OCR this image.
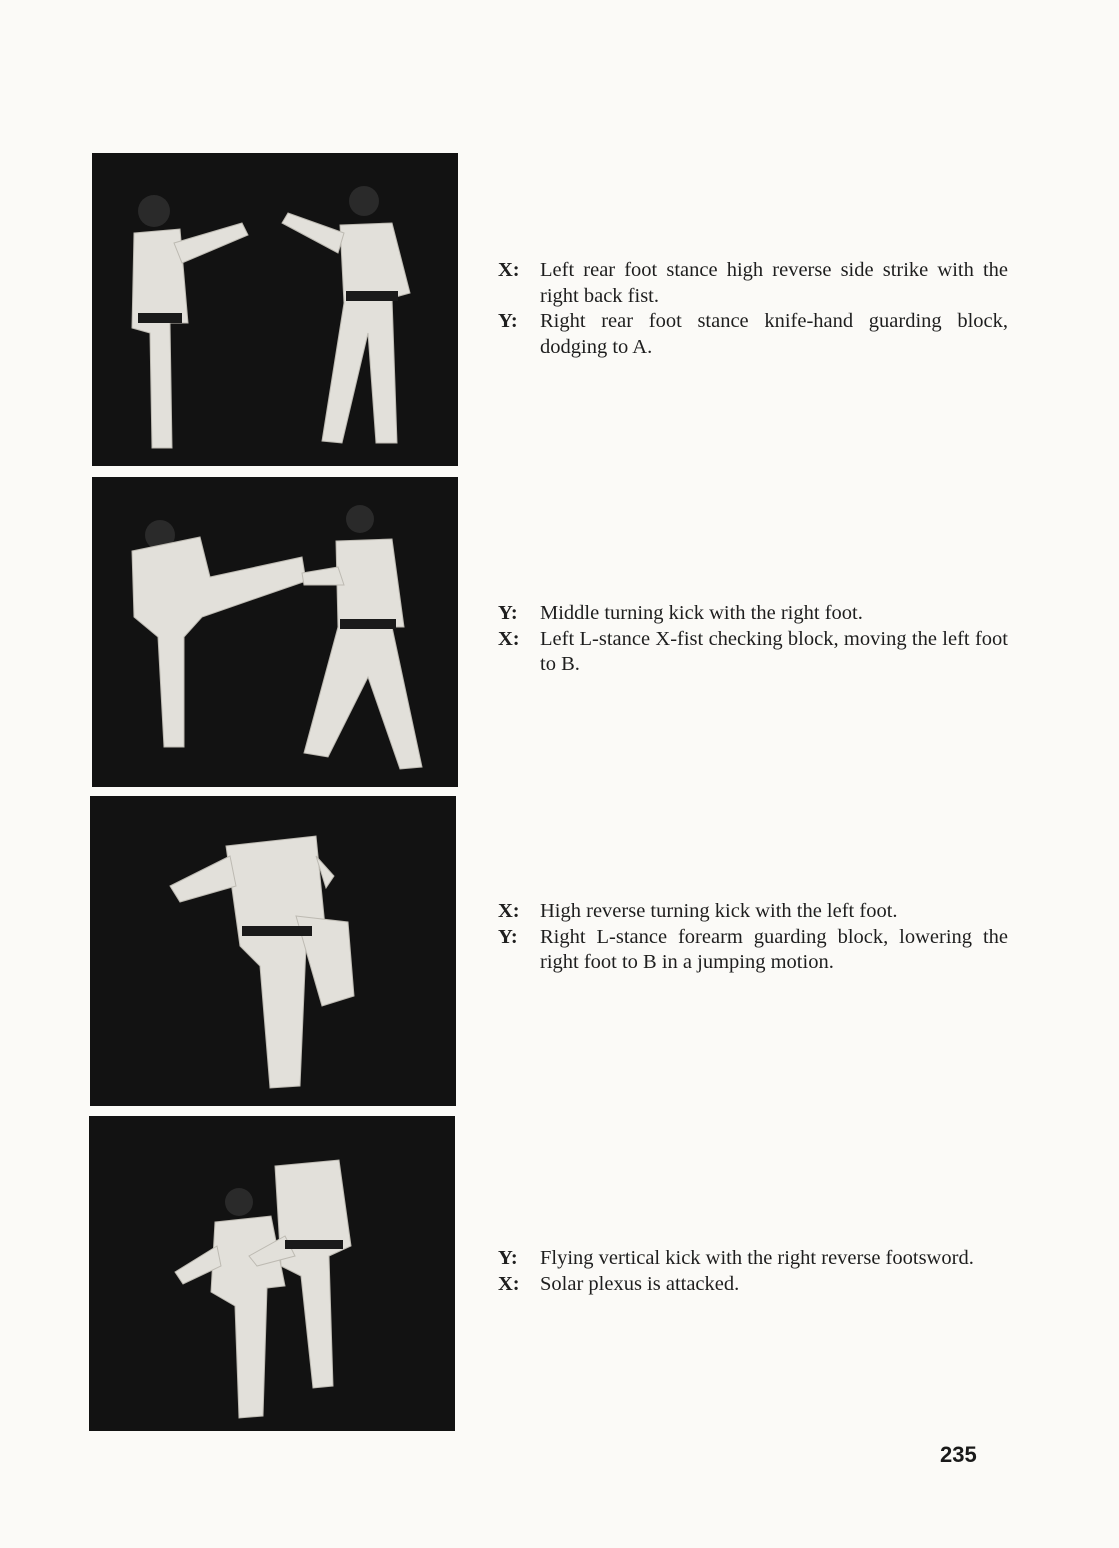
X: Left rear foot stance high reverse side strike with the right back fist.
Y:	Right rear foot stance knife-hand guarding block, dodging to A.
Y:	Middle turning kick with the right foot.
X: Left L-stance X-fist checking block, moving the left foot to B.
X: High reverse turning kick with the left foot.
Y:	Right L-stance forearm guarding block, lowering the right foot to B in a jumping motion.
Y:	Flying vertical kick with the right reverse footsword.
X: Solar plexus is attacked.
235
